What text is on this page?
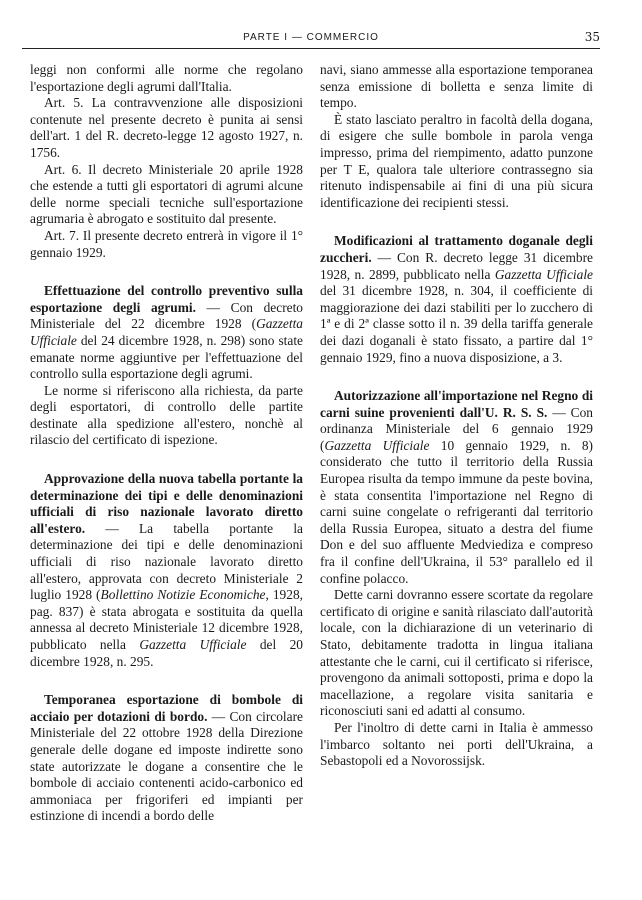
PARTE I — COMMERCIO	35

leggi non conformi alle norme che regolano l'esportazione degli agrumi dall'Italia.

Art. 5. La contravvenzione alle disposizioni contenute nel presente decreto è punita ai sensi dell'art. 1 del R. decreto-legge 12 agosto 1927, n. 1756.

Art. 6. Il decreto Ministeriale 20 aprile 1928 che estende a tutti gli esportatori di agrumi alcune delle norme speciali tecniche sull'esportazione agrumaria è abrogato e sostituito dal presente.

Art. 7. Il presente decreto entrerà in vigore il 1° gennaio 1929.

Effettuazione del controllo preventivo sulla esportazione degli agrumi. — Con decreto Ministeriale del 22 dicembre 1928 (Gazzetta Ufficiale del 24 dicembre 1928, n. 298) sono state emanate norme aggiuntive per l'effettuazione del controllo sulla esportazione degli agrumi.

Le norme si riferiscono alla richiesta, da parte degli esportatori, di controllo delle partite destinate alla spedizione all'estero, nonchè al rilascio del certificato di ispezione.

Approvazione della nuova tabella portante la determinazione dei tipi e delle denominazioni ufficiali di riso nazionale lavorato diretto all'estero. — La tabella portante la determinazione dei tipi e delle denominazioni ufficiali di riso nazionale lavorato diretto all'estero, approvata con decreto Ministeriale 2 luglio 1928 (Bollettino Notizie Economiche, 1928, pag. 837) è stata abrogata e sostituita da quella annessa al decreto Ministeriale 12 dicembre 1928, pubblicato nella Gazzetta Ufficiale del 20 dicembre 1928, n. 295.

Temporanea esportazione di bombole di acciaio per dotazioni di bordo. — Con circolare Ministeriale del 22 ottobre 1928 della Direzione generale delle dogane ed imposte indirette sono state autorizzate le dogane a consentire che le bombole di acciaio contenenti acido-carbonico ed ammoniaca per frigoriferi ed impianti per estinzione di incendi a bordo delle

navi, siano ammesse alla esportazione temporanea senza emissione di bolletta e senza limite di tempo.

È stato lasciato peraltro in facoltà della dogana, di esigere che sulle bombole in parola venga impresso, prima del riempimento, adatto punzone per T E, qualora tale ulteriore contrassegno sia ritenuto indispensabile ai fini di una più sicura identificazione dei recipienti stessi.

Modificazioni al trattamento doganale degli zuccheri. — Con R. decreto legge 31 dicembre 1928, n. 2899, pubblicato nella Gazzetta Ufficiale del 31 dicembre 1928, n. 304, il coefficiente di maggiorazione dei dazi stabiliti per lo zucchero di 1ª e di 2ª classe sotto il n. 39 della tariffa generale dei dazi doganali è stato fissato, a partire dal 1° gennaio 1929, fino a nuova disposizione, a 3.

Autorizzazione all'importazione nel Regno di carni suine provenienti dall'U. R. S. S. — Con ordinanza Ministeriale del 6 gennaio 1929 (Gazzetta Ufficiale 10 gennaio 1929, n. 8) considerato che tutto il territorio della Russia Europea risulta da tempo immune da peste bovina, è stata consentita l'importazione nel Regno di carni suine congelate o refrigeranti dal territorio della Russia Europea, situato a destra del fiume Don e del suo affluente Medviediza e compreso fra il confine dell'Ukraina, il 53° parallelo ed il confine polacco.

Dette carni dovranno essere scortate da regolare certificato di origine e sanità rilasciato dall'autorità locale, con la dichiarazione di un veterinario di Stato, debitamente tradotta in lingua italiana attestante che le carni, cui il certificato si riferisce, provengono da animali sottoposti, prima e dopo la macellazione, a regolare visita sanitaria e riconosciuti sani ed adatti al consumo.

Per l'inoltro di dette carni in Italia è ammesso l'imbarco soltanto nei porti dell'Ukraina, a Sebastopoli ed a Novorossijsk.
